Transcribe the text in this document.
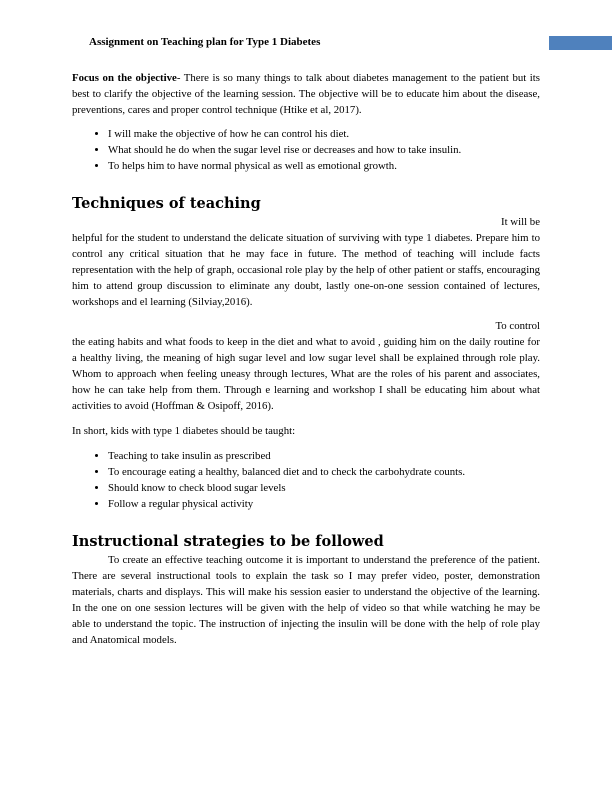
Assignment on Teaching plan for Type 1 Diabetes

Focus on the objective- There is so many things to talk about diabetes management to the patient but its best to clarify the objective of the learning session. The objective will be to educate him about the disease, preventions, cares and proper control technique (Htike et al, 2017).

• I will make the objective of how he can control his diet.
• What should he do when the sugar level rise or decreases and how to take insulin.
• To helps him to have normal physical as well as emotional growth.
Techniques of teaching

It will be

helpful for the student to understand the delicate situation of surviving with type 1 diabetes. Prepare him to control any critical situation that he may face in future. The method of teaching will include facts representation with the help of graph, occasional role play by the help of other patient or staffs, encouraging him to attend group discussion to eliminate any doubt, lastly one-on-one session contained of lectures, workshops and el learning (Silviay,2016).

To control

the eating habits and what foods to keep in the diet and what to avoid , guiding him on the daily routine for a healthy living, the meaning of high sugar level and low sugar level shall be explained through role play. Whom to approach when feeling uneasy through lectures, What are the roles of his parent and associates, how he can take help from them. Through e learning and workshop I shall be educating him about what activities to avoid (Hoffman & Osipoff, 2016).

In short, kids with type 1 diabetes should be taught:

• Teaching to take insulin as prescribed
• To encourage eating a healthy, balanced diet and to check the carbohydrate counts.
• Should know to check blood sugar levels
• Follow a regular physical activity
Instructional strategies to be followed

To create an effective teaching outcome it is important to understand the preference of the patient. There are several instructional tools to explain the task so I may prefer video, poster, demonstration materials, charts and displays. This will make his session easier to understand the objective of the learning. In the one on one session lectures will be given with the help of video so that while watching he may be able to understand the topic. The instruction of injecting the insulin will be done with the help of role play and Anatomical models.
